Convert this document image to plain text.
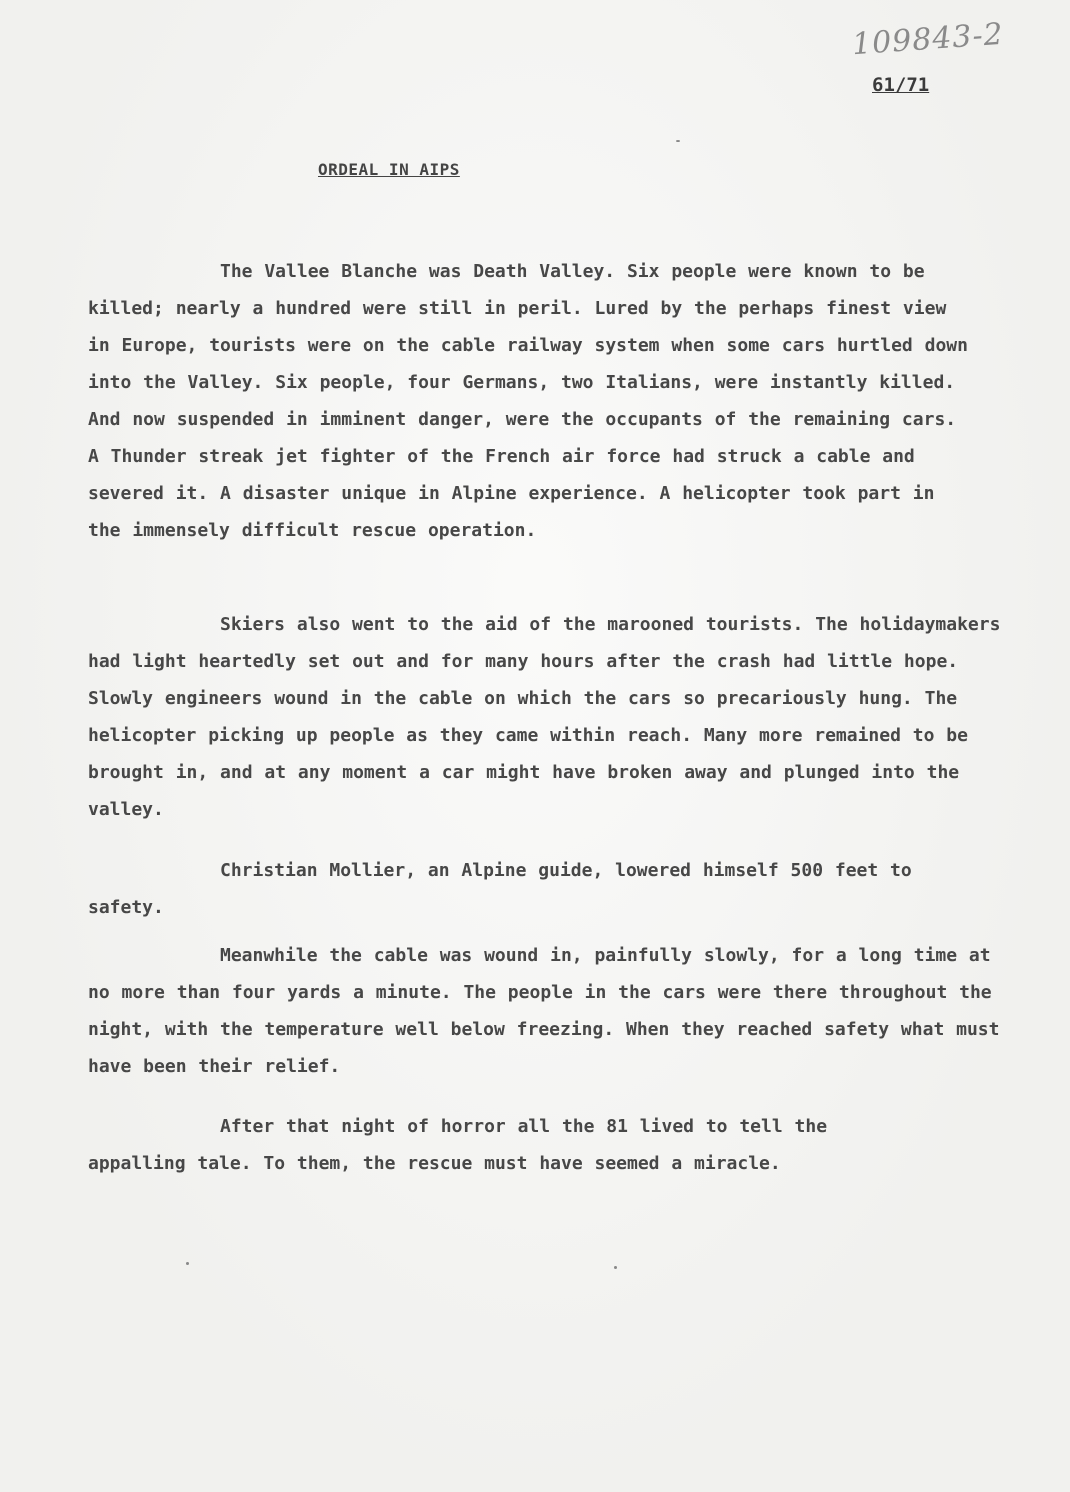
109843-2
61/71
ORDEAL IN AIPS

The Vallee Blanche was Death Valley. Six people were known to be killed; nearly a hundred were still in peril. Lured by the perhaps finest view in Europe, tourists were on the cable railway system when some cars hurtled down into the Valley. Six people, four Germans, two Italians, were instantly killed. And now suspended in imminent danger, were the occupants of the remaining cars. A Thunder streak jet fighter of the French air force had struck a cable and severed it. A disaster unique in Alpine experience. A helicopter took part in the immensely difficult rescue operation.

Skiers also went to the aid of the marooned tourists. The holidaymakers had light heartedly set out and for many hours after the crash had little hope. Slowly engineers wound in the cable on which the cars so precariously hung. The helicopter picking up people as they came within reach. Many more remained to be brought in, and at any moment a car might have broken away and plunged into the valley.

Christian Mollier, an Alpine guide, lowered himself 500 feet to safety.

Meanwhile the cable was wound in, painfully slowly, for a long time at no more than four yards a minute. The people in the cars were there throughout the night, with the temperature well below freezing. When they reached safety what must have been their relief.

After that night of horror all the 81 lived to tell the appalling tale. To them, the rescue must have seemed a miracle.
